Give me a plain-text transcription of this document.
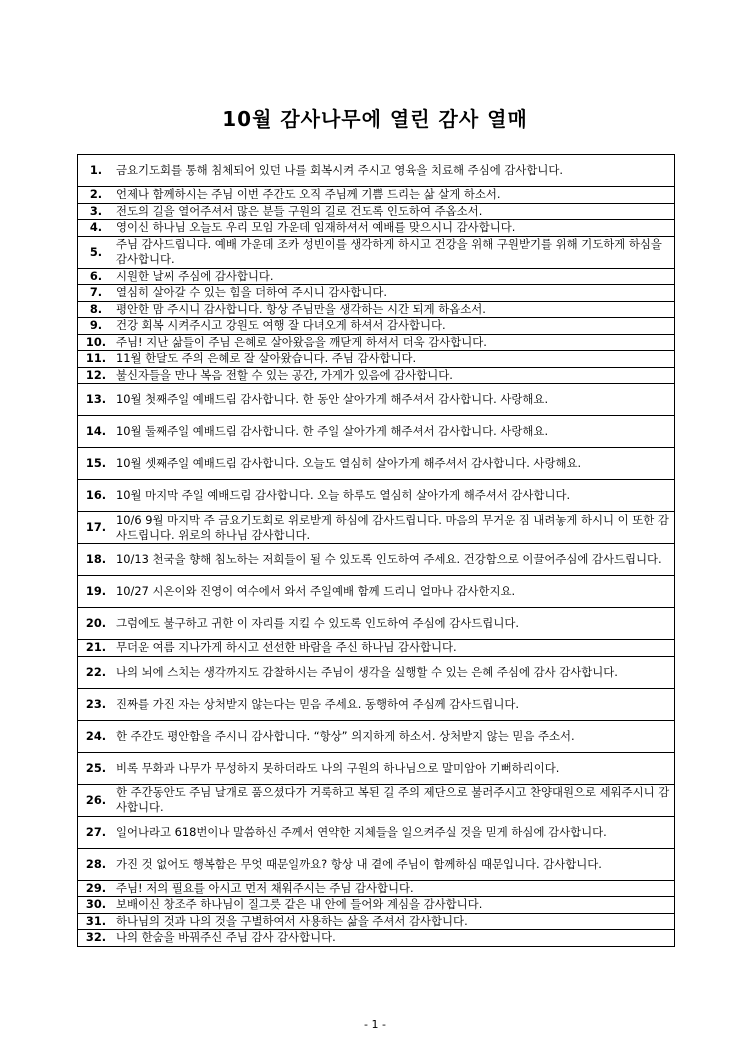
10월 감사나무에 열린 감사 열매
1.	금요기도회를 통해 침체되어 있던 나를 회복시켜 주시고 영육을 치료해 주심에 감사합니다.
2.	언제나 함께하시는 주님 이번 주간도 오직 주님께 기쁨 드리는 삶 살게 하소서.
3.	전도의 길을 열어주셔서 많은 분들 구원의 길로 건도록 인도하여 주옵소서.
4.	영이신 하나님 오늘도 우리 모임 가운데 임재하셔서 예배를 맞으시니 감사합니다.
5.	주님 감사드립니다. 예배 가운데 조카 성빈이를 생각하게 하시고 건강을 위해 구원받기를 위해 기도하게 하심을 감사합니다.
6.	시원한 날씨 주심에 감사합니다.
7.	열심히 살아갈 수 있는 힘을 더하여 주시니 감사합니다.
8.	평안한 맘 주시니 감사합니다. 항상 주님만을 생각하는 시간 되게 하옵소서.
9.	건강 회복 시켜주시고 강원도 여행 잘 다녀오게 하셔서 감사합니다.
10.	주님! 지난 삶들이 주님 은혜로 살아왔음을 깨닫게 하셔서 더욱 감사합니다.
11.	11월 한달도 주의 은혜로 잘 살아왔습니다. 주님 감사합니다.
12.	불신자들을 만나 복음 전할 수 있는 공간, 가게가 있음에 감사합니다.
13.	10월 첫째주일 예배드림 감사합니다. 한 동안 살아가게 해주셔서 감사합니다. 사랑해요.
14.	10월 둘째주일 예배드림 감사합니다. 한 주일 살아가게 해주셔서 감사합니다. 사랑해요.
15.	10월 셋째주일 예배드림 감사합니다. 오늘도 열심히 살아가게 해주셔서 감사합니다. 사랑해요.
16.	10월 마지막 주일 예배드림 감사합니다. 오늘 하루도 열심히 살아가게 해주셔서 감사합니다.
17.	10/6 9월 마지막 주 금요기도회로 위로받게 하심에 감사드립니다. 마음의 무거운 짐 내려놓게 하시니 이 또한 감사드립니다. 위로의 하나님 감사합니다.
18.	10/13 천국을 향해 침노하는 저희들이 될 수 있도록 인도하여 주세요. 건강함으로 이끌어주심에 감사드립니다.
19.	10/27 시온이와 진영이 여수에서 와서 주일예배 함께 드리니 얼마나 감사한지요.
20.	그럼에도 불구하고 귀한 이 자리를 지킬 수 있도록 인도하여 주심에 감사드립니다.
21.	무더운 여름 지나가게 하시고 선선한 바람을 주신 하나님 감사합니다.
22.	나의 뇌에 스치는 생각까지도 감찰하시는 주님이 생각을 실행할 수 있는 은혜 주심에 감사 감사합니다.
23.	진짜를 가진 자는 상처받지 않는다는 믿음 주세요. 동행하여 주심께 감사드립니다.
24.	한 주간도 평안함을 주시니 감사합니다. “항상” 의지하게 하소서. 상처받지 않는 믿음 주소서.
25.	비록 무화과 나무가 무성하지 못하더라도 나의 구원의 하나님으로 말미암아 기뻐하리이다.
26.	한 주간동안도 주님 날개로 품으셨다가 거룩하고 복된 길 주의 제단으로 불러주시고 찬양대원으로 세워주시니 감사합니다.
27.	일어나라고 618번이나 말씀하신 주께서 연약한 지체들을 일으켜주실 것을 믿게 하심에 감사합니다.
28.	가진 것 없어도 행복함은 무엇 때문일까요? 항상 내 곁에 주님이 함께하심 때문입니다. 감사합니다.
29.	주님! 저의 필요를 아시고 먼저 채워주시는 주님 감사합니다.
30.	보배이신 창조주 하나님이 질그릇 같은 내 안에 들어와 계심을 감사합니다.
31.	하나님의 것과 나의 것을 구별하여서 사용하는 삶을 주셔서 감사합니다.
32.	나의 한숨을 바꿔주신 주님 감사 감사합니다.
- 1 -
